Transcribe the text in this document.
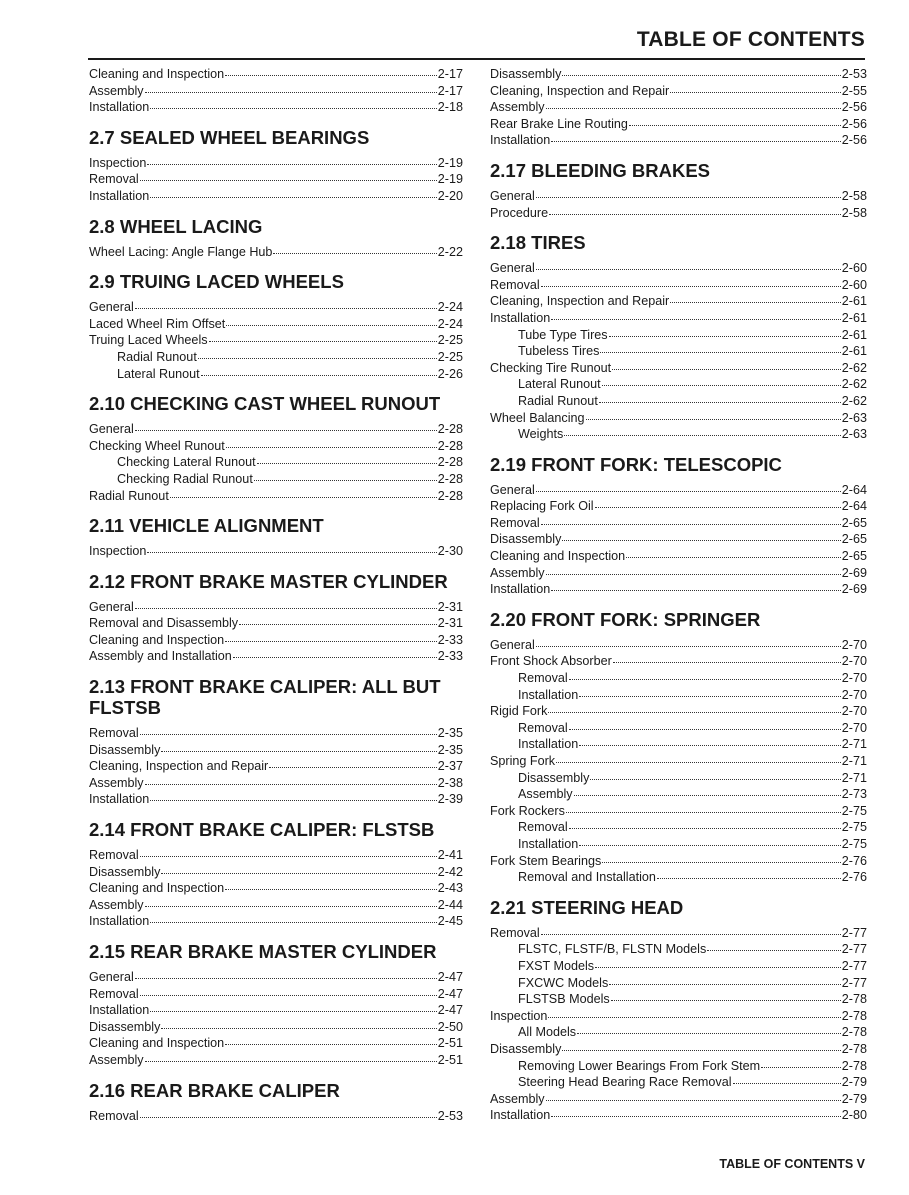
TABLE OF CONTENTS
Cleaning and Inspection	2-17
Assembly	2-17
Installation	2-18
2.7 SEALED WHEEL BEARINGS
Inspection	2-19
Removal	2-19
Installation	2-20
2.8 WHEEL LACING
Wheel Lacing: Angle Flange Hub	2-22
2.9 TRUING LACED WHEELS
General	2-24
Laced Wheel Rim Offset	2-24
Truing Laced Wheels	2-25
Radial Runout	2-25
Lateral Runout	2-26
2.10 CHECKING CAST WHEEL RUNOUT
General	2-28
Checking Wheel Runout	2-28
Checking Lateral Runout	2-28
Checking Radial Runout	2-28
Radial Runout	2-28
2.11 VEHICLE ALIGNMENT
Inspection	2-30
2.12 FRONT BRAKE MASTER CYLINDER
General	2-31
Removal and Disassembly	2-31
Cleaning and Inspection	2-33
Assembly and Installation	2-33
2.13 FRONT BRAKE CALIPER: ALL BUT FLSTSB
Removal	2-35
Disassembly	2-35
Cleaning, Inspection and Repair	2-37
Assembly	2-38
Installation	2-39
2.14 FRONT BRAKE CALIPER: FLSTSB
Removal	2-41
Disassembly	2-42
Cleaning and Inspection	2-43
Assembly	2-44
Installation	2-45
2.15 REAR BRAKE MASTER CYLINDER
General	2-47
Removal	2-47
Installation	2-47
Disassembly	2-50
Cleaning and Inspection	2-51
Assembly	2-51
2.16 REAR BRAKE CALIPER
Removal	2-53
Disassembly	2-53
Cleaning, Inspection and Repair	2-55
Assembly	2-56
Rear Brake Line Routing	2-56
Installation	2-56
2.17 BLEEDING BRAKES
General	2-58
Procedure	2-58
2.18 TIRES
General	2-60
Removal	2-60
Cleaning, Inspection and Repair	2-61
Installation	2-61
Tube Type Tires	2-61
Tubeless Tires	2-61
Checking Tire Runout	2-62
Lateral Runout	2-62
Radial Runout	2-62
Wheel Balancing	2-63
Weights	2-63
2.19 FRONT FORK: TELESCOPIC
General	2-64
Replacing Fork Oil	2-64
Removal	2-65
Disassembly	2-65
Cleaning and Inspection	2-65
Assembly	2-69
Installation	2-69
2.20 FRONT FORK: SPRINGER
General	2-70
Front Shock Absorber	2-70
Removal	2-70
Installation	2-70
Rigid Fork	2-70
Removal	2-70
Installation	2-71
Spring Fork	2-71
Disassembly	2-71
Assembly	2-73
Fork Rockers	2-75
Removal	2-75
Installation	2-75
Fork Stem Bearings	2-76
Removal and Installation	2-76
2.21 STEERING HEAD
Removal	2-77
FLSTC, FLSTF/B, FLSTN Models	2-77
FXST Models	2-77
FXCWC Models	2-77
FLSTSB Models	2-78
Inspection	2-78
All Models	2-78
Disassembly	2-78
Removing Lower Bearings From Fork Stem	2-78
Steering Head Bearing Race Removal	2-79
Assembly	2-79
Installation	2-80
TABLE OF CONTENTS V
